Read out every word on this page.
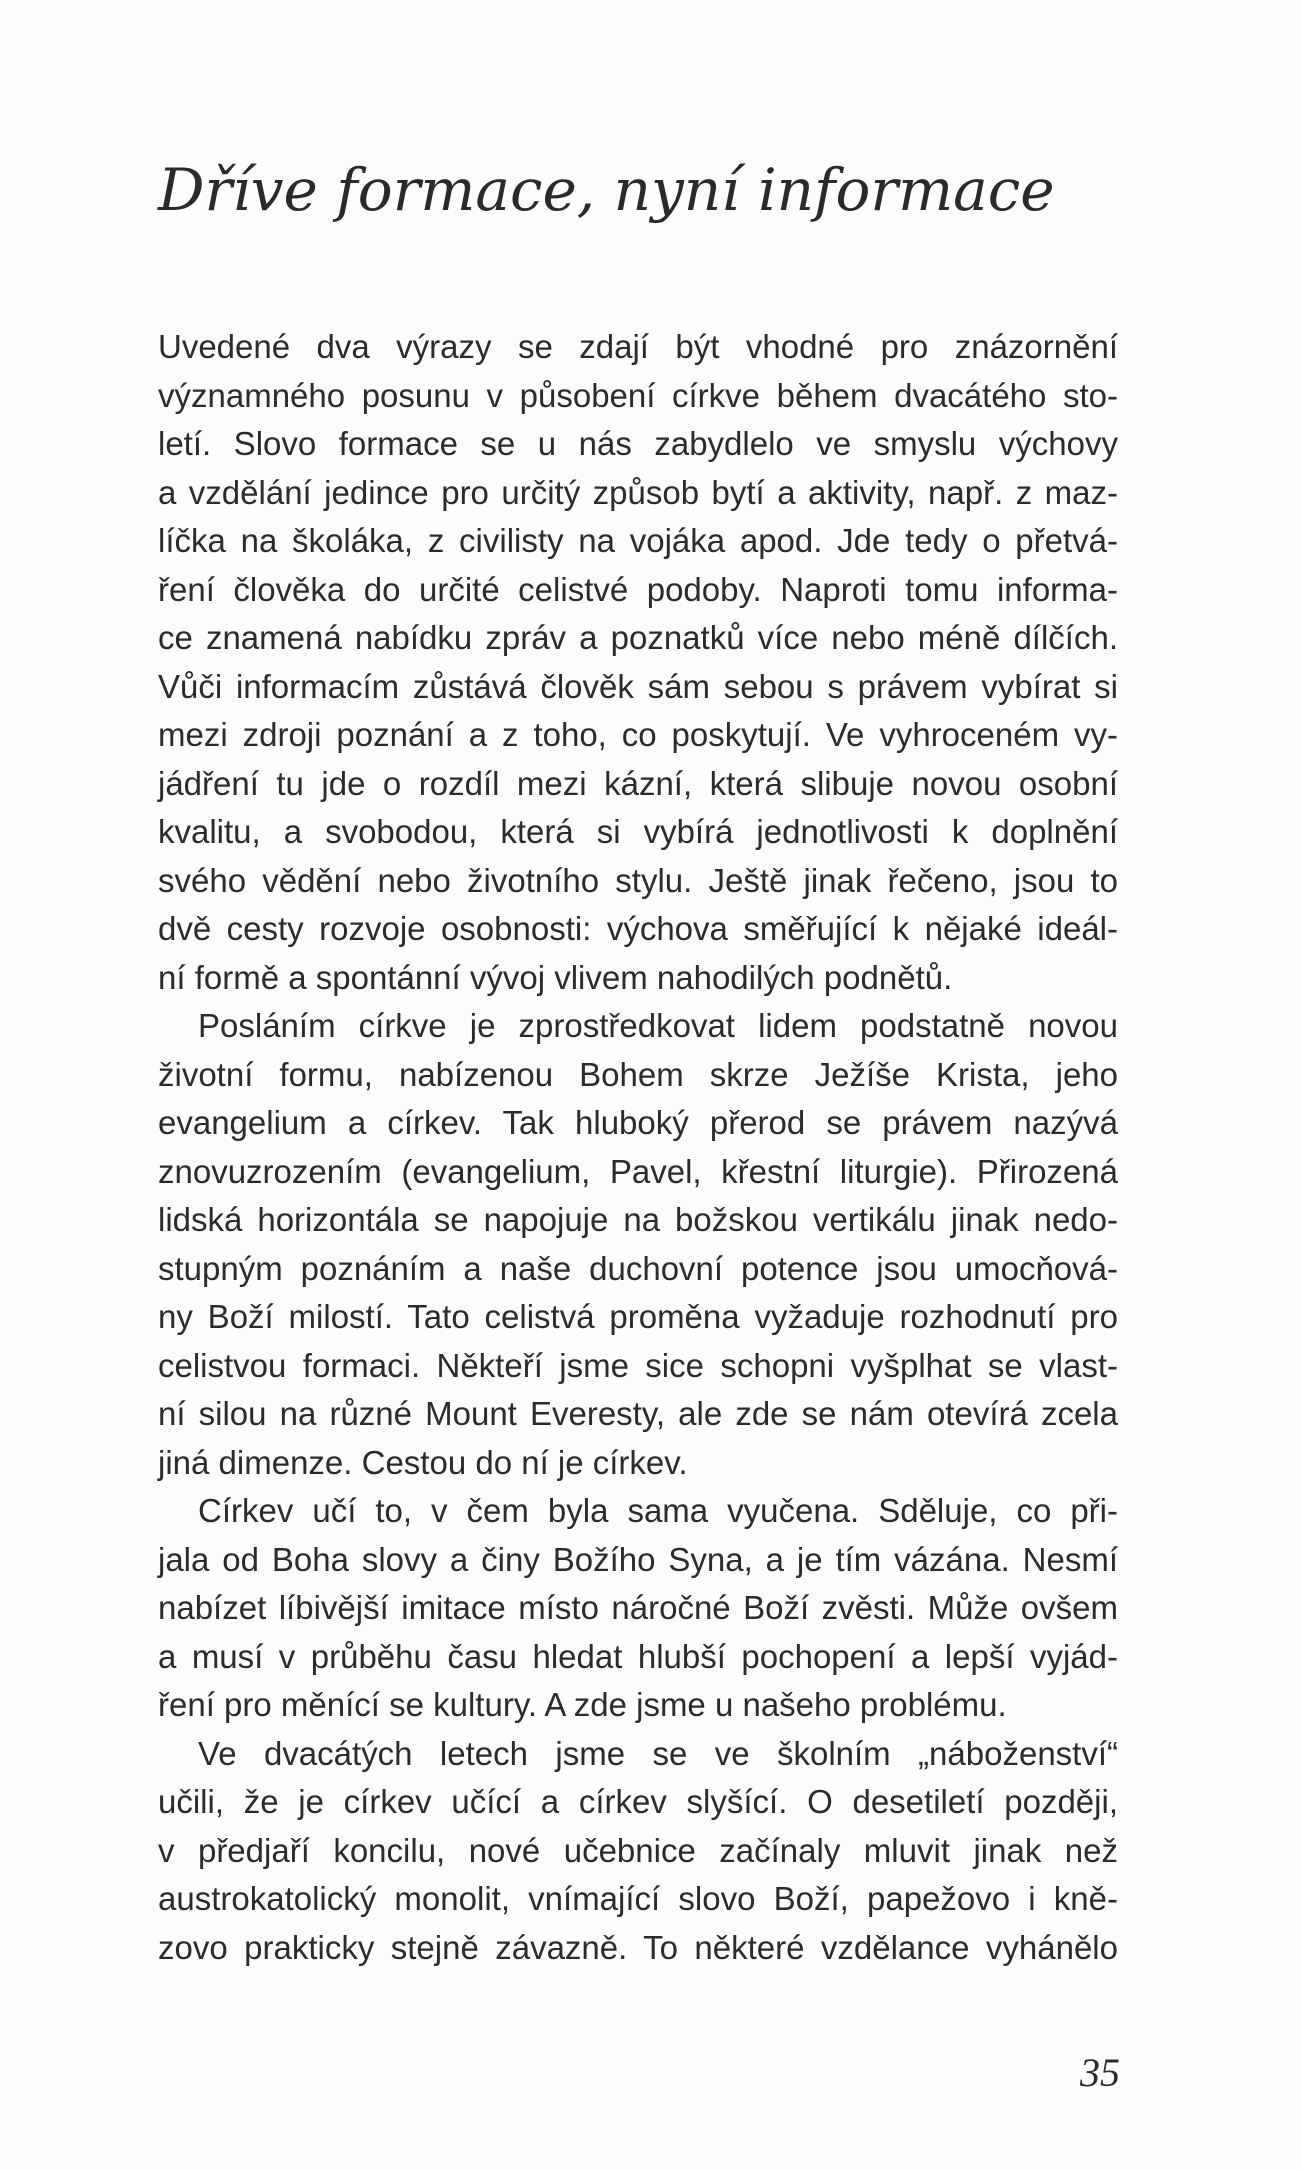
Dříve formace, nyní informace
Uvedené dva výrazy se zdají být vhodné pro znázornění
významného posunu v působení církve během dvacátého sto-
letí. Slovo formace se u nás zabydlelo ve smyslu výchovy
a vzdělání jedince pro určitý způsob bytí a aktivity, např. z maz-
líčka na školáka, z civilisty na vojáka apod. Jde tedy o přetvá-
ření člověka do určité celistvé podoby. Naproti tomu informa-
ce znamená nabídku zpráv a poznatků více nebo méně dílčích.
Vůči informacím zůstává člověk sám sebou s právem vybírat si
mezi zdroji poznání a z toho, co poskytují. Ve vyhroceném vy-
jádření tu jde o rozdíl mezi kázní, která slibuje novou osobní
kvalitu, a svobodou, která si vybírá jednotlivosti k doplnění
svého vědění nebo životního stylu. Ještě jinak řečeno, jsou to
dvě cesty rozvoje osobnosti: výchova směřující k nějaké ideál-
ní formě a spontánní vývoj vlivem nahodilých podnětů.
Posláním církve je zprostředkovat lidem podstatně novou
životní formu, nabízenou Bohem skrze Ježíše Krista, jeho
evangelium a církev. Tak hluboký přerod se právem nazývá
znovuzrozením (evangelium, Pavel, křestní liturgie). Přirozená
lidská horizontála se napojuje na božskou vertikálu jinak nedo-
stupným poznáním a naše duchovní potence jsou umocňová-
ny Boží milostí. Tato celistvá proměna vyžaduje rozhodnutí pro
celistvou formaci. Někteří jsme sice schopni vyšplhat se vlast-
ní silou na různé Mount Everesty, ale zde se nám otevírá zcela
jiná dimenze. Cestou do ní je církev.
Církev učí to, v čem byla sama vyučena. Sděluje, co při-
jala od Boha slovy a činy Božího Syna, a je tím vázána. Nesmí
nabízet líbivější imitace místo náročné Boží zvěsti. Může ovšem
a musí v průběhu času hledat hlubší pochopení a lepší vyjád-
ření pro měnící se kultury. A zde jsme u našeho problému.
Ve dvacátých letech jsme se ve školním „náboženství“
učili, že je církev učící a církev slyšící. O desetiletí později,
v předjaří koncilu, nové učebnice začínaly mluvit jinak než
austrokatolický monolit, vnímající slovo Boží, papežovo i kně-
zovo prakticky stejně závazně. To některé vzdělance vyhánělo
35
